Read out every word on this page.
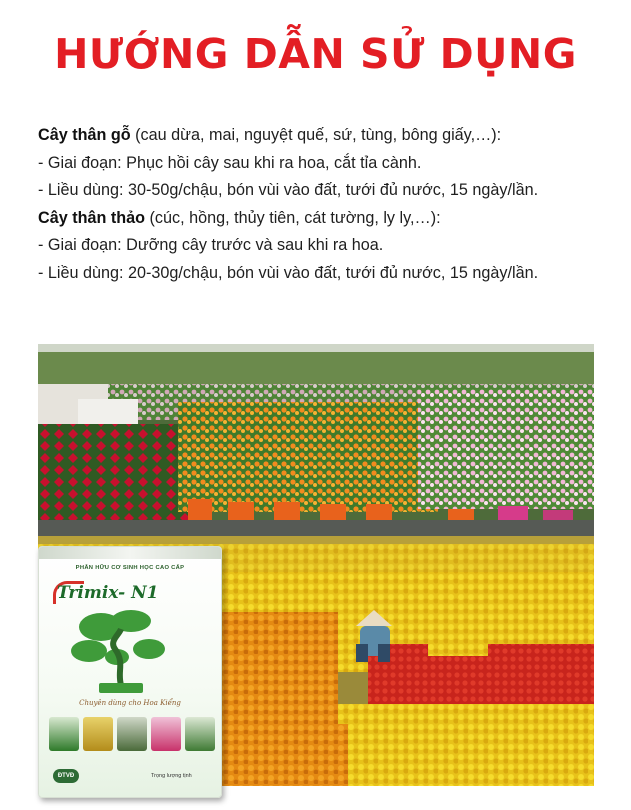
HƯỚNG DẪN SỬ DỤNG

Cây thân gỗ (cau dừa, mai, nguyệt quế, sứ, tùng, bông giấy,…):

- Giai đoạn: Phục hồi cây sau khi ra hoa, cắt tỉa cành.

- Liều dùng: 30-50g/chậu, bón vùi vào đất, tưới đủ nước, 15 ngày/lần.

Cây thân thảo (cúc, hồng, thủy tiên, cát tường, ly ly,…):

- Giai đoạn: Dưỡng cây trước và sau khi ra hoa.

- Liều dùng: 20-30g/chậu, bón vùi vào đất, tưới đủ nước, 15 ngày/lần.

PHÂN HỮU CƠ SINH HỌC CAO CẤP
Trimix- N1
Chuyên dùng cho Hoa Kiểng
ĐTVĐ	Trọng lượng tịnh
